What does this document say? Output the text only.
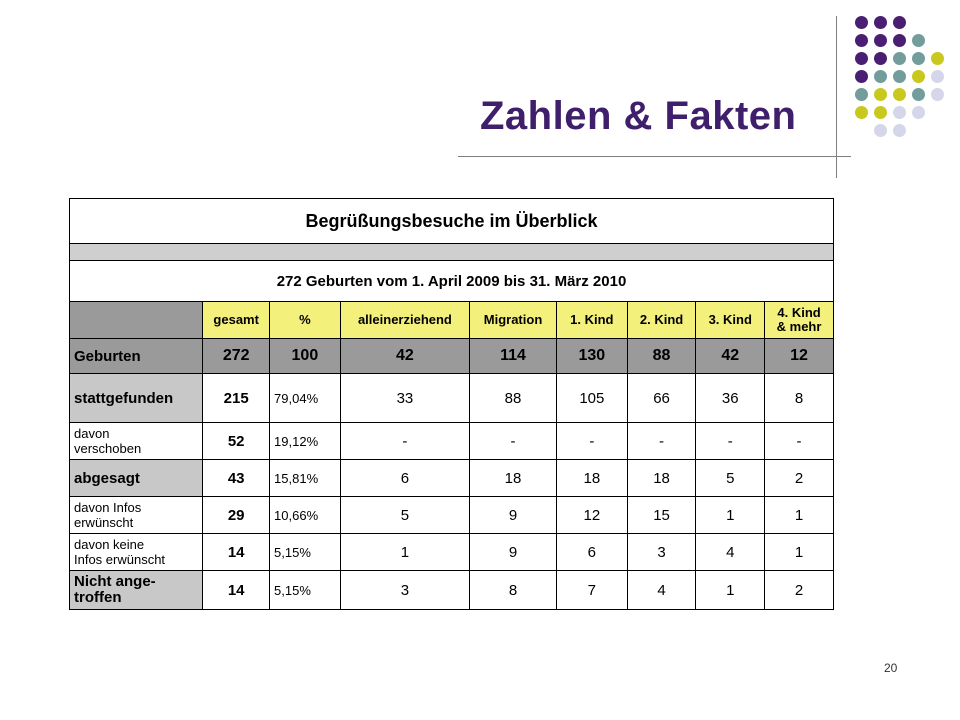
Zahlen & Fakten
Begrüßungsbesuche im Überblick								

272 Geburten vom 1. April 2009 bis 31. März 2010								
	gesamt	%	alleinerziehend	Migration	1. Kind	2. Kind	3. Kind	4. Kind
& mehr
Geburten	272	100	42	114	130	88	42	12
stattgefunden	215	79,04%	33	88	105	66	36	8
davon
verschoben	52	19,12%	-	-	-	-	-	-
abgesagt	43	15,81%	6	18	18	18	5	2
davon Infos
erwünscht	29	10,66%	5	9	12	15	1	1
davon keine
Infos erwünscht	14	5,15%	1	9	6	3	4	1
Nicht ange-
troffen	14	5,15%	3	8	7	4	1	2
20
